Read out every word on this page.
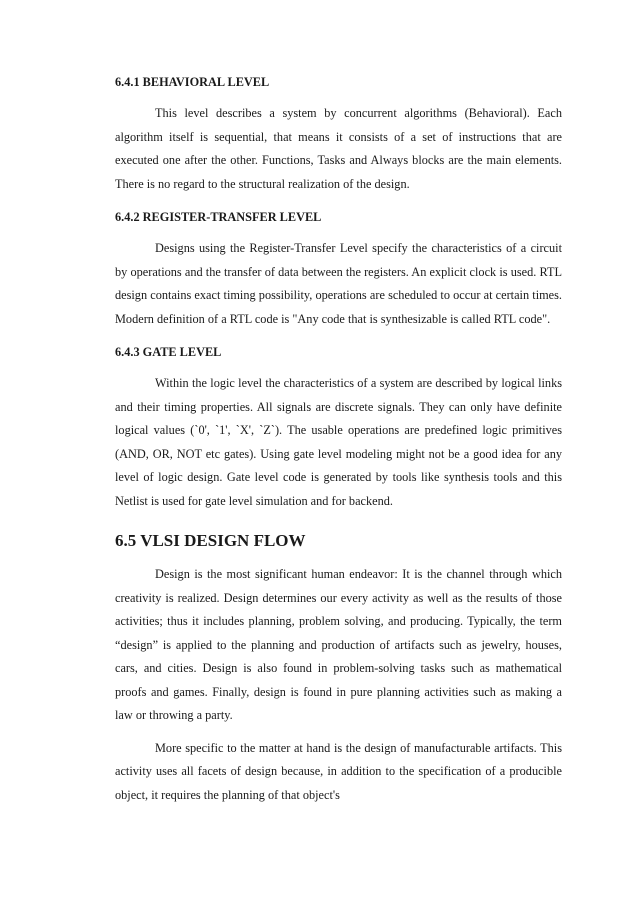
6.4.1 BEHAVIORAL LEVEL

This level describes a system by concurrent algorithms (Behavioral). Each algorithm itself is sequential, that means it consists of a set of instructions that are executed one after the other. Functions, Tasks and Always blocks are the main elements. There is no regard to the structural realization of the design.

6.4.2 REGISTER-TRANSFER LEVEL

Designs using the Register-Transfer Level specify the characteristics of a circuit by operations and the transfer of data between the registers. An explicit clock is used. RTL design contains exact timing possibility, operations are scheduled to occur at certain times. Modern definition of a RTL code is "Any code that is synthesizable is called RTL code".

6.4.3 GATE LEVEL

Within the logic level the characteristics of a system are described by logical links and their timing properties. All signals are discrete signals. They can only have definite logical values (`0', `1', `X', `Z`). The usable operations are predefined logic primitives (AND, OR, NOT etc gates). Using gate level modeling might not be a good idea for any level of logic design. Gate level code is generated by tools like synthesis tools and this Netlist is used for gate level simulation and for backend.

6.5 VLSI DESIGN FLOW

Design is the most significant human endeavor: It is the channel through which creativity is realized. Design determines our every activity as well as the results of those activities; thus it includes planning, problem solving, and producing. Typically, the term “design” is applied to the planning and production of artifacts such as jewelry, houses, cars, and cities. Design is also found in problem-solving tasks such as mathematical proofs and games. Finally, design is found in pure planning activities such as making a law or throwing a party.

More specific to the matter at hand is the design of manufacturable artifacts. This activity uses all facets of design because, in addition to the specification of a producible object, it requires the planning of that object's
